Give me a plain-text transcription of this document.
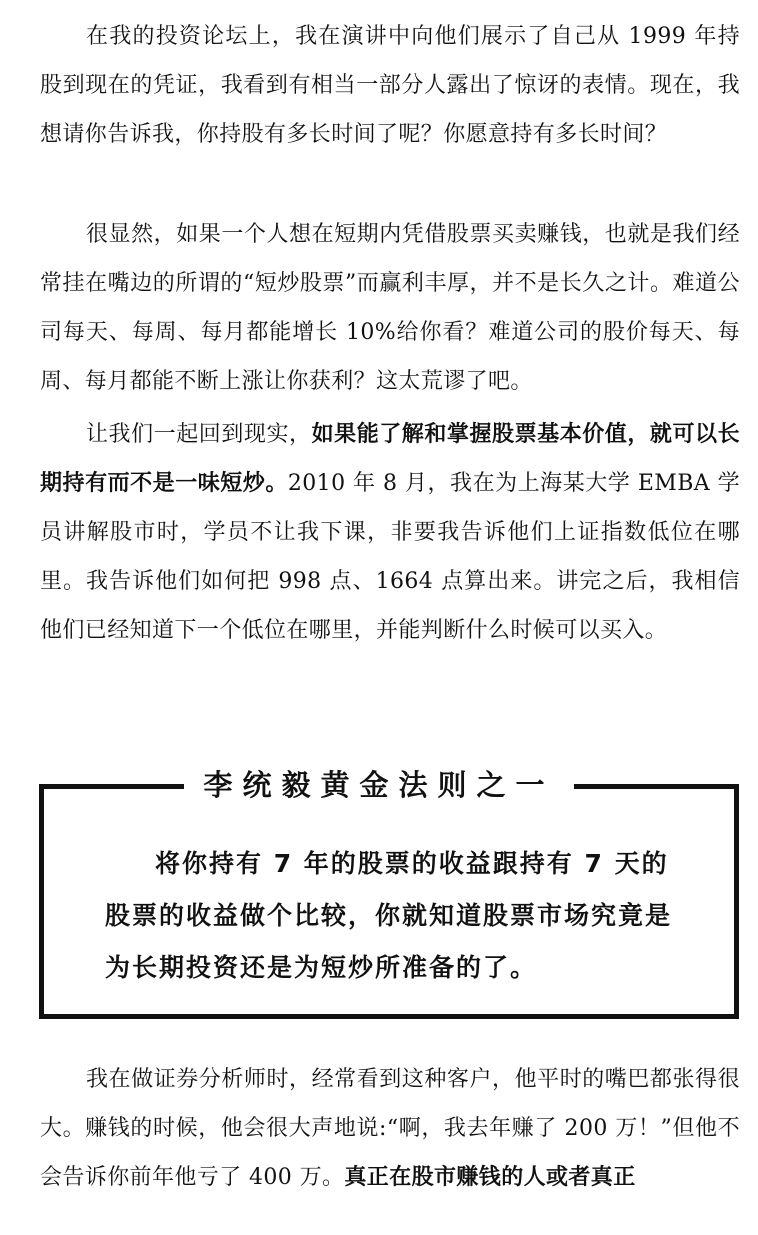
在我的投资论坛上，我在演讲中向他们展示了自己从 1999 年持股到现在的凭证，我看到有相当一部分人露出了惊讶的表情。现在，我想请你告诉我，你持股有多长时间了呢？你愿意持有多长时间？

很显然，如果一个人想在短期内凭借股票买卖赚钱，也就是我们经常挂在嘴边的所谓的“短炒股票”而赢利丰厚，并不是长久之计。难道公司每天、每周、每月都能增长 10%给你看？难道公司的股价每天、每周、每月都能不断上涨让你获利？这太荒谬了吧。

让我们一起回到现实，如果能了解和掌握股票基本价值，就可以长期持有而不是一味短炒。2010 年 8 月，我在为上海某大学 EMBA 学员讲解股市时，学员不让我下课，非要我告诉他们上证指数低位在哪里。我告诉他们如何把 998 点、1664 点算出来。讲完之后，我相信他们已经知道下一个低位在哪里，并能判断什么时候可以买入。

李统毅黄金法则之一

将你持有 7 年的股票的收益跟持有 7 天的股票的收益做个比较，你就知道股票市场究竟是为长期投资还是为短炒所准备的了。

我在做证券分析师时，经常看到这种客户，他平时的嘴巴都张得很大。赚钱的时候，他会很大声地说:“啊，我去年赚了 200 万！”但他不会告诉你前年他亏了 400 万。真正在股市赚钱的人或者真正
